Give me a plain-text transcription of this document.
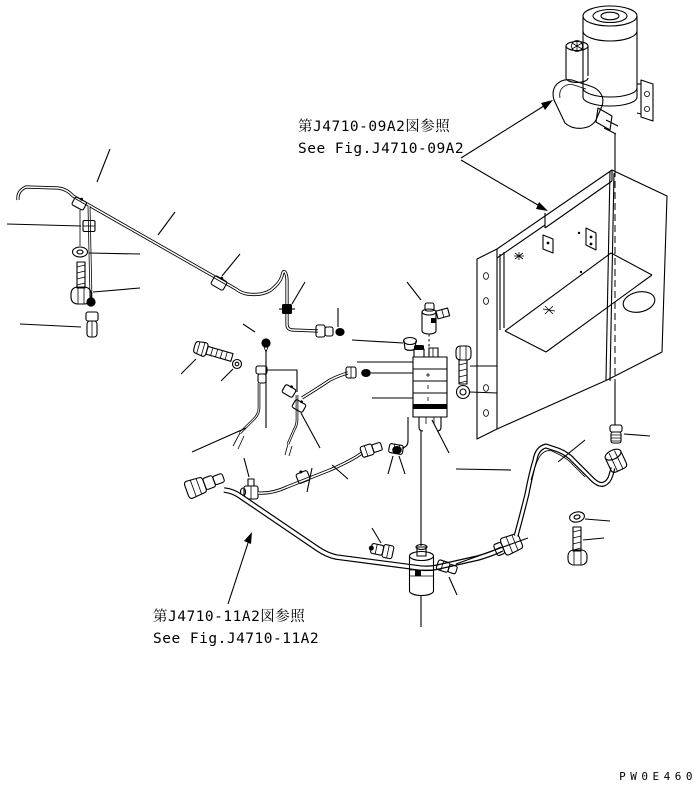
第J4710-09A2図参照
See Fig.J4710-09A2
第J4710-11A2図参照
See Fig.J4710-11A2
PW0E460
